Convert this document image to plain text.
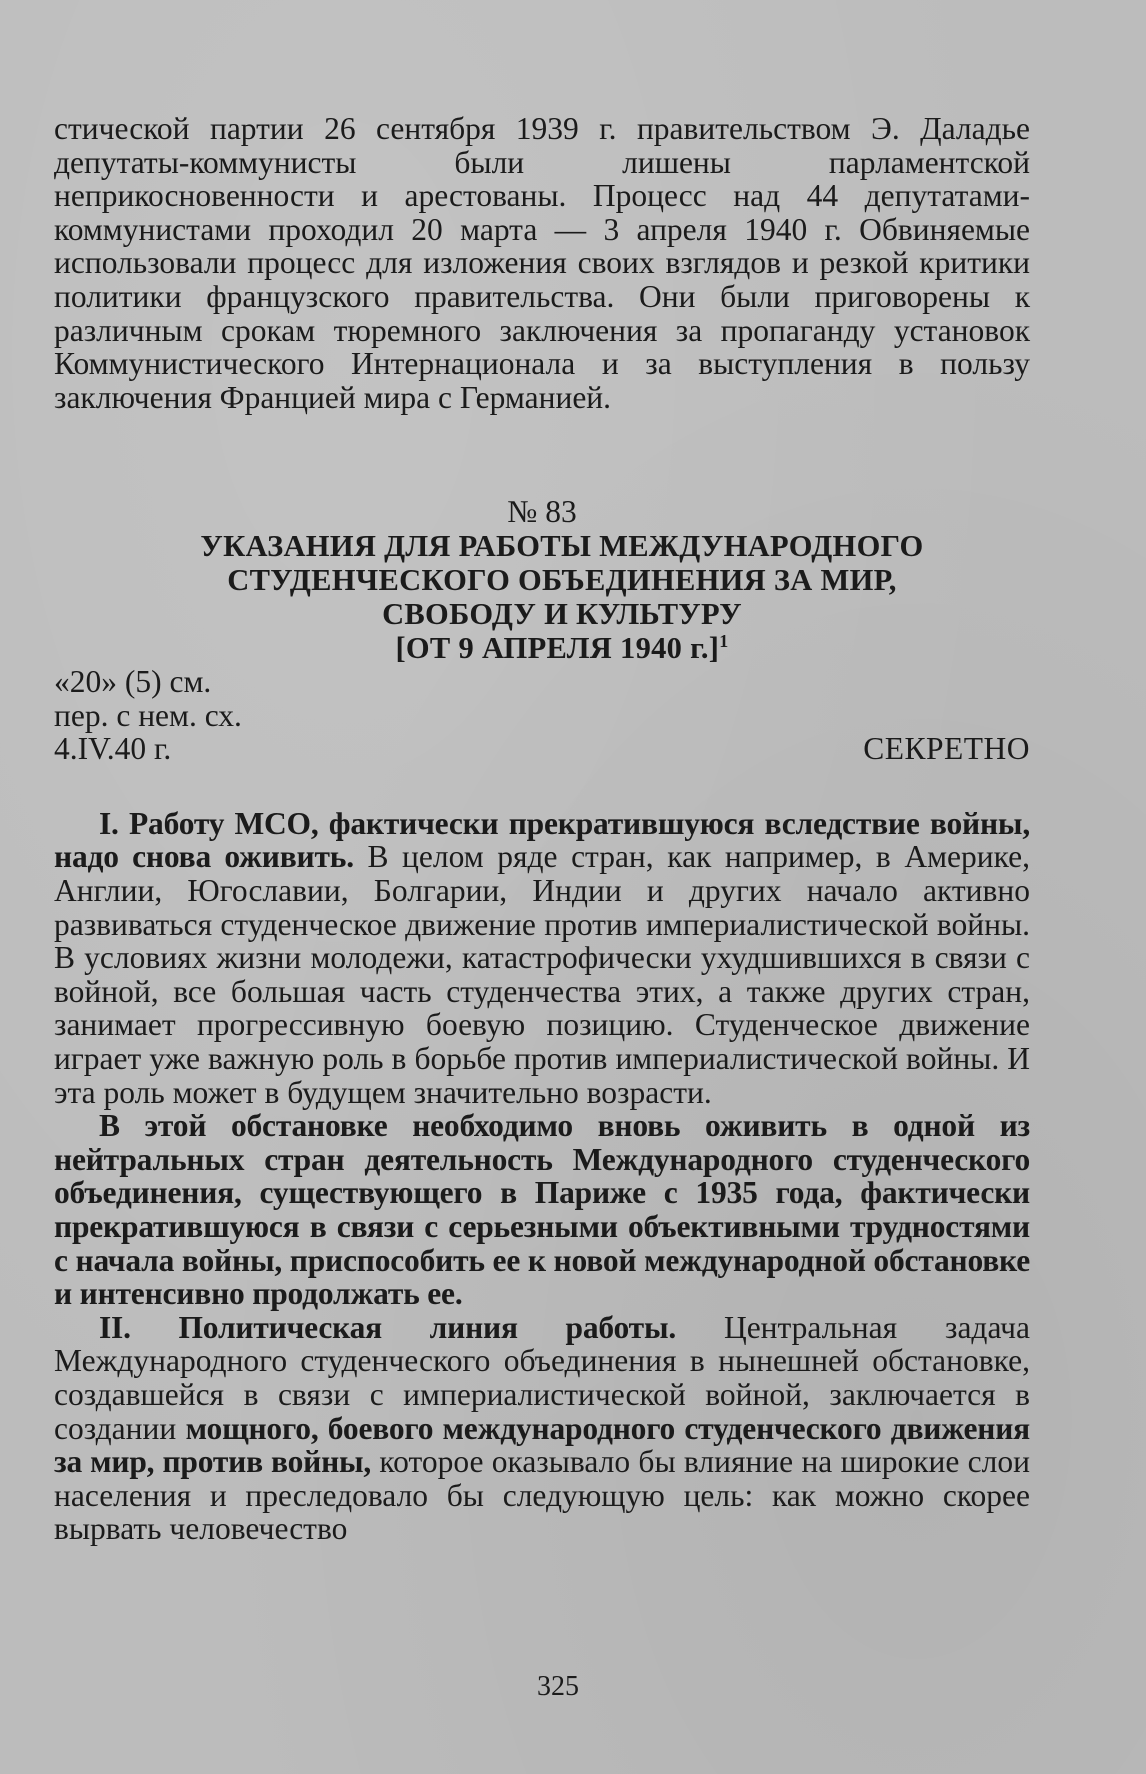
стической партии 26 сентября 1939 г. правительством Э. Даладье депутаты-коммунисты были лишены парламентской неприкосновенности и арестованы. Процесс над 44 депутатами-коммунистами проходил 20 марта — 3 апреля 1940 г. Обвиняемые использовали процесс для изложения своих взглядов и резкой критики политики французского правительства. Они были приговорены к различным срокам тюремного заключения за пропаганду установок Коммунистического Интернационала и за выступления в пользу заключения Францией мира с Германией.

№ 83
УКАЗАНИЯ ДЛЯ РАБОТЫ МЕЖДУНАРОДНОГО
СТУДЕНЧЕСКОГО ОБЪЕДИНЕНИЯ ЗА МИР,
СВОБОДУ И КУЛЬТУРУ
[ОТ 9 АПРЕЛЯ 1940 г.]$^1$
«20» (5) см.
пер. с нем. сх.
4.IV.40 г.	СЕКРЕТНО

I. Работу МСО, фактически прекратившуюся вследствие войны, надо снова оживить. В целом ряде стран, как например, в Америке, Англии, Югославии, Болгарии, Индии и других начало активно развиваться студенческое движение против империалистической войны. В условиях жизни молодежи, катастрофически ухудшившихся в связи с войной, все большая часть студенчества этих, а также других стран, занимает прогрессивную боевую позицию. Студенческое движение играет уже важную роль в борьбе против империалистической войны. И эта роль может в будущем значительно возрасти.

В этой обстановке необходимо вновь оживить в одной из нейтральных стран деятельность Международного студенческого объединения, существующего в Париже с 1935 года, фактически прекратившуюся в связи с серьезными объективными трудностями с начала войны, приспособить ее к новой международной обстановке и интенсивно продолжать ее.

II. Политическая линия работы. Центральная задача Международного студенческого объединения в нынешней обстановке, создавшейся в связи с империалистической войной, заключается в создании мощного, боевого международного студенческого движения за мир, против войны, которое оказывало бы влияние на широкие слои населения и преследовало бы следующую цель: как можно скорее вырвать человечество

325
